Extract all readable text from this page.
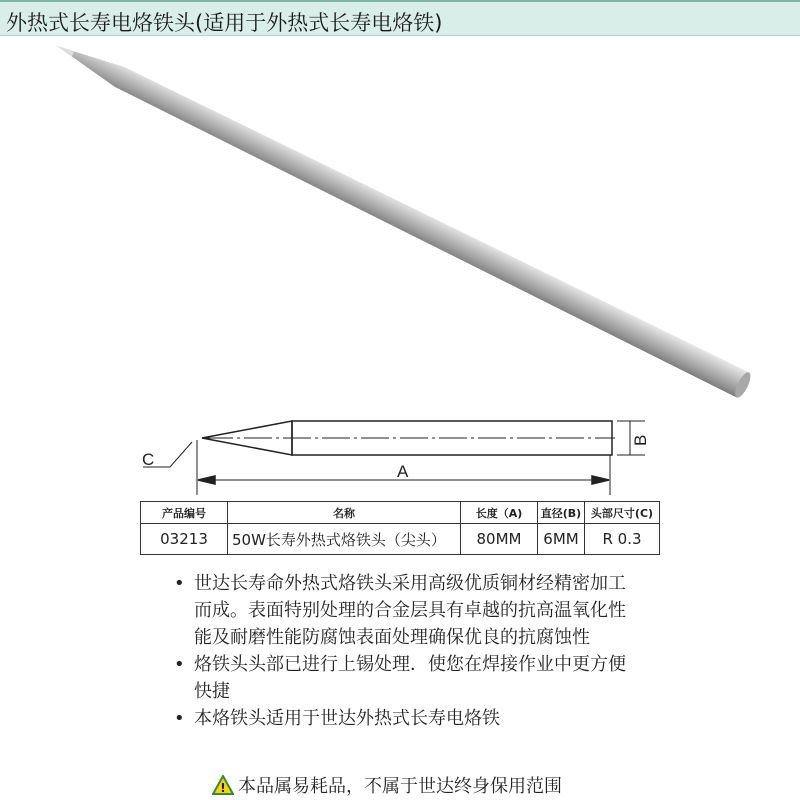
外热式长寿电烙铁头(适用于外热式长寿电烙铁)
C
A
B
产品编号	名称	长度（A)	直径(B)	头部尺寸(C)
03213	50W长寿外热式烙铁头（尖头）	80MM	6MM	R 0.3
• 世达长寿命外热式烙铁头采用高级优质铜材经精密加工而成。表面特别处理的合金层具有卓越的抗高温氧化性能及耐磨性能防腐蚀表面处理确保优良的抗腐蚀性
• 烙铁头头部已进行上锡处理．使您在焊接作业中更方便快捷
• 本烙铁头适用于世达外热式长寿电烙铁
! 本品属易耗品，不属于世达终身保用范围
